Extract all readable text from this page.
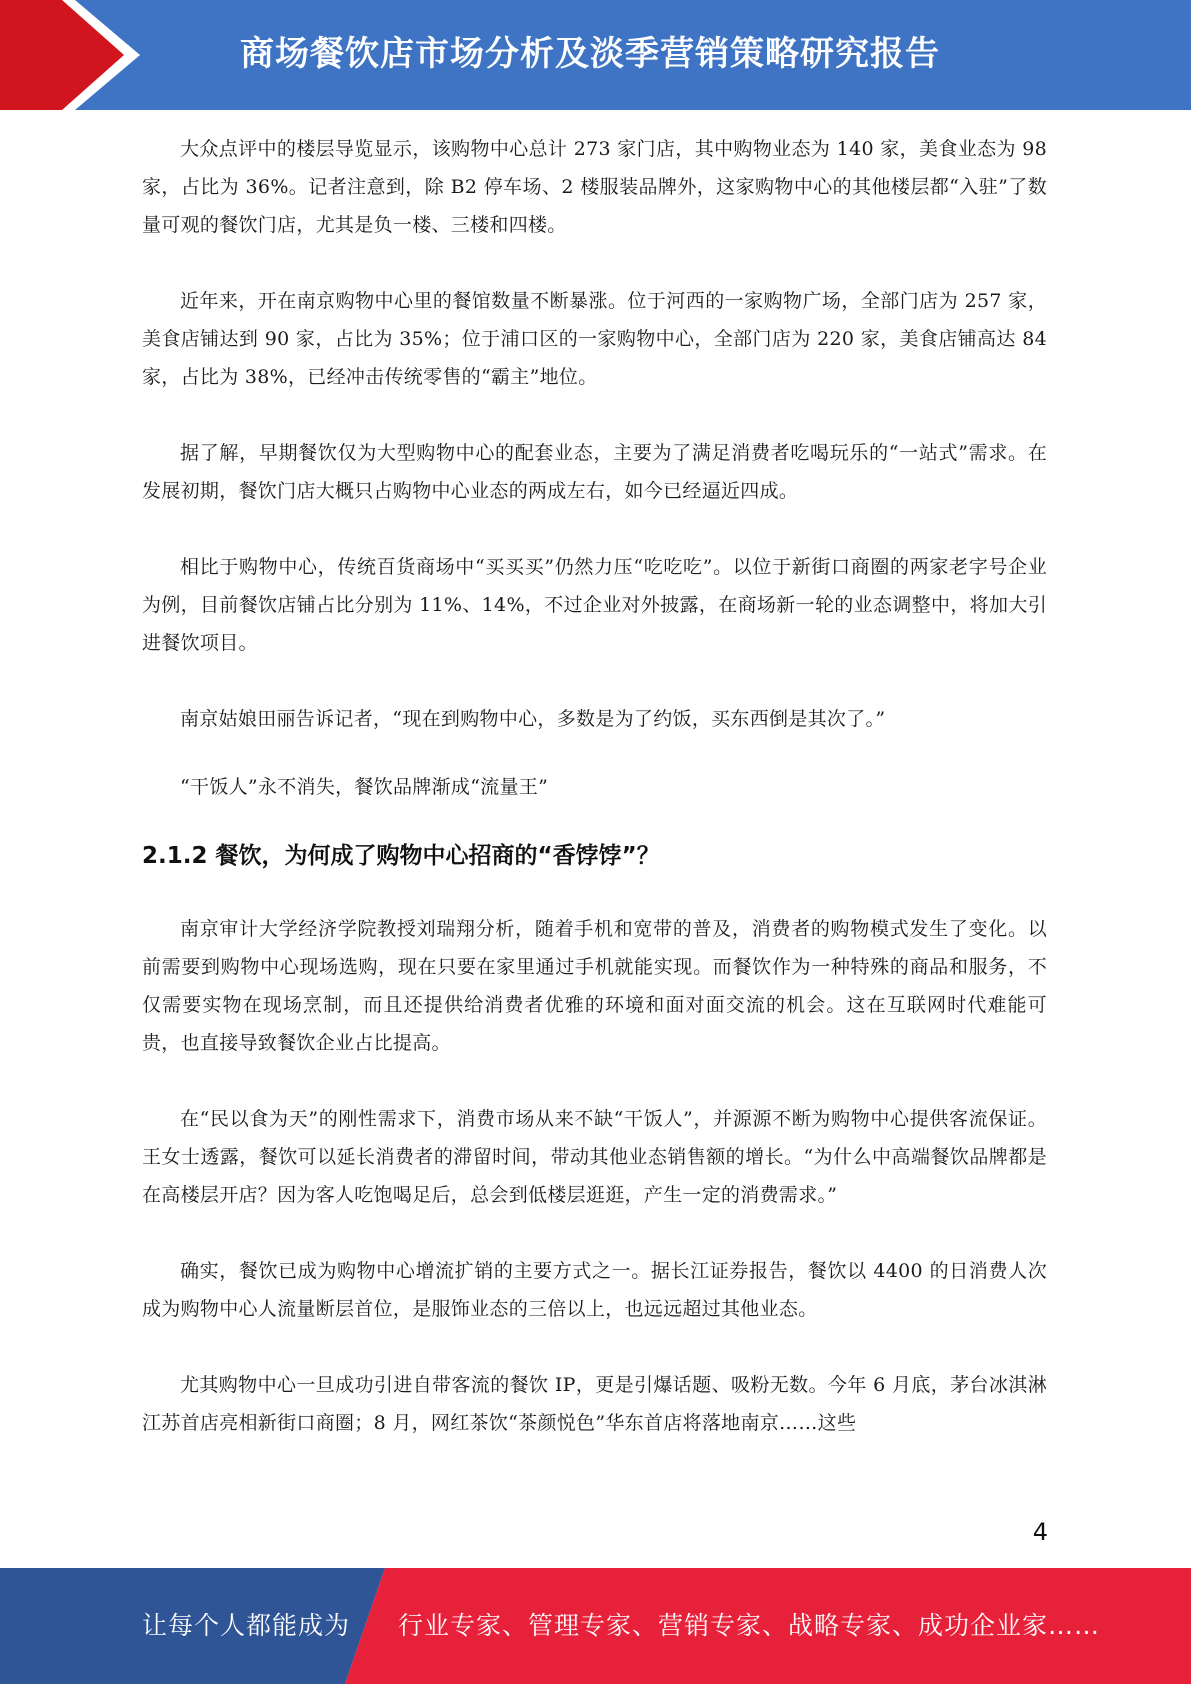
商场餐饮店市场分析及淡季营销策略研究报告

大众点评中的楼层导览显示，该购物中心总计 273 家门店，其中购物业态为 140 家，美食业态为 98 家，占比为 36%。记者注意到，除 B2 停车场、2 楼服装品牌外，这家购物中心的其他楼层都“入驻”了数量可观的餐饮门店，尤其是负一楼、三楼和四楼。

近年来，开在南京购物中心里的餐馆数量不断暴涨。位于河西的一家购物广场，全部门店为 257 家，美食店铺达到 90 家，占比为 35%；位于浦口区的一家购物中心，全部门店为 220 家，美食店铺高达 84 家，占比为 38%，已经冲击传统零售的“霸主”地位。

据了解，早期餐饮仅为大型购物中心的配套业态，主要为了满足消费者吃喝玩乐的“一站式”需求。在发展初期，餐饮门店大概只占购物中心业态的两成左右，如今已经逼近四成。

相比于购物中心，传统百货商场中“买买买”仍然力压“吃吃吃”。以位于新街口商圈的两家老字号企业为例，目前餐饮店铺占比分别为 11%、14%，不过企业对外披露，在商场新一轮的业态调整中，将加大引进餐饮项目。

南京姑娘田丽告诉记者，“现在到购物中心，多数是为了约饭，买东西倒是其次了。”

“干饭人”永不消失，餐饮品牌渐成“流量王”

2.1.2 餐饮，为何成了购物中心招商的“香饽饽”？

南京审计大学经济学院教授刘瑞翔分析，随着手机和宽带的普及，消费者的购物模式发生了变化。以前需要到购物中心现场选购，现在只要在家里通过手机就能实现。而餐饮作为一种特殊的商品和服务，不仅需要实物在现场烹制，而且还提供给消费者优雅的环境和面对面交流的机会。这在互联网时代难能可贵，也直接导致餐饮企业占比提高。

在“民以食为天”的刚性需求下，消费市场从来不缺“干饭人”，并源源不断为购物中心提供客流保证。王女士透露，餐饮可以延长消费者的滞留时间，带动其他业态销售额的增长。“为什么中高端餐饮品牌都是在高楼层开店？因为客人吃饱喝足后，总会到低楼层逛逛，产生一定的消费需求。”

确实，餐饮已成为购物中心增流扩销的主要方式之一。据长江证券报告，餐饮以 4400 的日消费人次成为购物中心人流量断层首位，是服饰业态的三倍以上，也远远超过其他业态。

尤其购物中心一旦成功引进自带客流的餐饮 IP，更是引爆话题、吸粉无数。今年 6 月底，茅台冰淇淋江苏首店亮相新街口商圈；8 月，网红茶饮“茶颜悦色”华东首店将落地南京……这些

4
让每个人都能成为 行业专家、管理专家、营销专家、战略专家、成功企业家……
